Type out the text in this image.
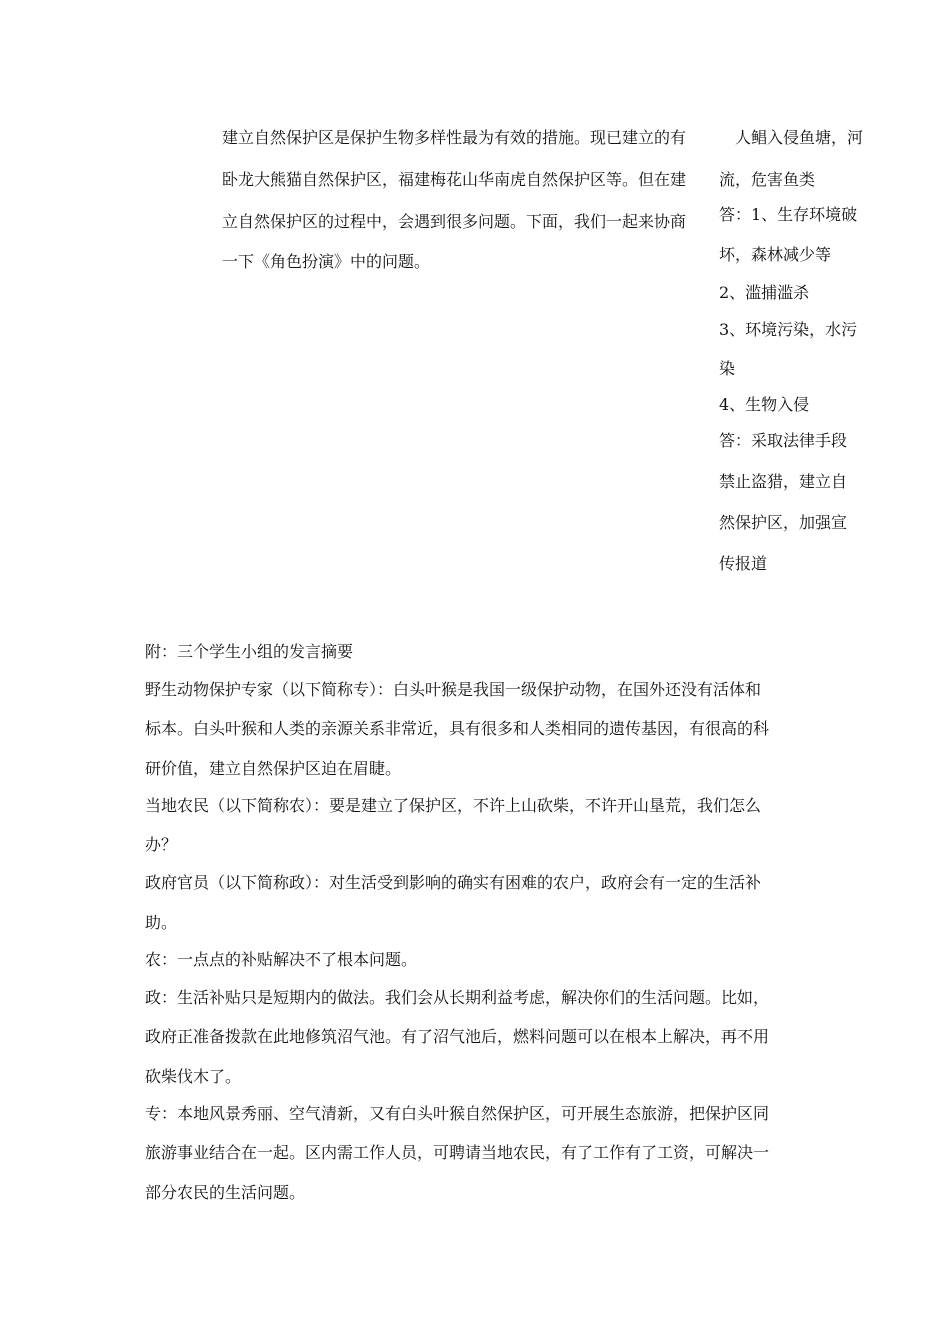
建立自然保护区是保护生物多样性最为有效的措施。现已建立的有

卧龙大熊猫自然保护区，福建梅花山华南虎自然保护区等。但在建

立自然保护区的过程中，会遇到很多问题。下面，我们一起来协商

一下《角色扮演》中的问题。

人鲳入侵鱼塘，河

流，危害鱼类

答：1、生存环境破

坏，森林减少等

2、滥捕滥杀

3、环境污染，水污

染

4、生物入侵

答：采取法律手段

禁止盗猎，建立自

然保护区，加强宣

传报道

附：三个学生小组的发言摘要

野生动物保护专家（以下简称专）：白头叶猴是我国一级保护动物，在国外还没有活体和

标本。白头叶猴和人类的亲源关系非常近，具有很多和人类相同的遗传基因，有很高的科

研价值，建立自然保护区迫在眉睫。

当地农民（以下简称农）：要是建立了保护区，不许上山砍柴，不许开山垦荒，我们怎么

办？

政府官员（以下简称政）：对生活受到影响的确实有困难的农户，政府会有一定的生活补

助。

农：一点点的补贴解决不了根本问题。

政：生活补贴只是短期内的做法。我们会从长期利益考虑，解决你们的生活问题。比如，

政府正准备拨款在此地修筑沼气池。有了沼气池后，燃料问题可以在根本上解决，再不用

砍柴伐木了。

专：本地风景秀丽、空气清新，又有白头叶猴自然保护区，可开展生态旅游，把保护区同

旅游事业结合在一起。区内需工作人员，可聘请当地农民，有了工作有了工资，可解决一

部分农民的生活问题。
